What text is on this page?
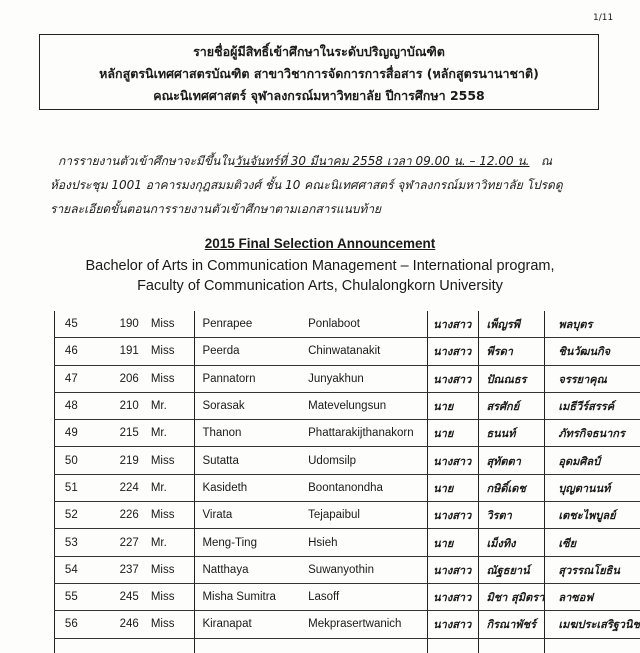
1/11
รายชื่อผู้มีสิทธิ์เข้าศึกษาในระดับปริญญาบัณฑิต
หลักสูตรนิเทศศาสตรบัณฑิต สาขาวิชาการจัดการการสื่อสาร (หลักสูตรนานาชาติ)
คณะนิเทศศาสตร์ จุฬาลงกรณ์มหาวิทยาลัย ปีการศึกษา 2558
การรายงานตัวเข้าศึกษาจะมีขึ้นในวันจันทร์ที่ 30 มีนาคม 2558 เวลา 09.00 น. – 12.00 น. ณ
ห้องประชุม 1001 อาคารมงกุฎสมมติวงศ์ ชั้น 10 คณะนิเทศศาสตร์ จุฬาลงกรณ์มหาวิทยาลัย โปรดดู
รายละเอียดขั้นตอนการรายงานตัวเข้าศึกษาตามเอกสารแนบท้าย
2015 Final Selection Announcement
Bachelor of Arts in Communication Management – International program,
Faculty of Communication Arts, Chulalongkorn University
45	190	Miss	Penrapee	Ponlaboot	นางสาว	เพ็ญรพี	พลบุตร
46	191	Miss	Peerda	Chinwatanakit	นางสาว	พีรดา	ชินวัฒนกิจ
47	206	Miss	Pannatorn	Junyakhun	นางสาว	ปัณณธร	จรรยาคุณ
48	210	Mr.	Sorasak	Matevelungsun	นาย	สรศักย์	เมธีวีร์สรรค์
49	215	Mr.	Thanon	Phattarakijthanakorn	นาย	ธนนท์	ภัทรกิจธนากร
50	219	Miss	Sutatta	Udomsilp	นางสาว	สุทัตตา	อุดมศิลป์
51	224	Mr.	Kasideth	Boontanondha	นาย	กษิดิ์เดช	บุญตานนท์
52	226	Miss	Virata	Tejapaibul	นางสาว	วิรตา	เตชะไพบูลย์
53	227	Mr.	Meng-Ting	Hsieh	นาย	เม็งทิง	เซีย
54	237	Miss	Natthaya	Suwanyothin	นางสาว	ณัฐธยาน์	สุวรรณโยธิน
55	245	Miss	Misha Sumitra	Lasoff	นางสาว	มิชา สุมิตรา	ลาซอฟ
56	246	Miss	Kiranapat	Mekprasertwanich	นางสาว	กิรณาพัชร์	เมฆประเสริฐวนิช
